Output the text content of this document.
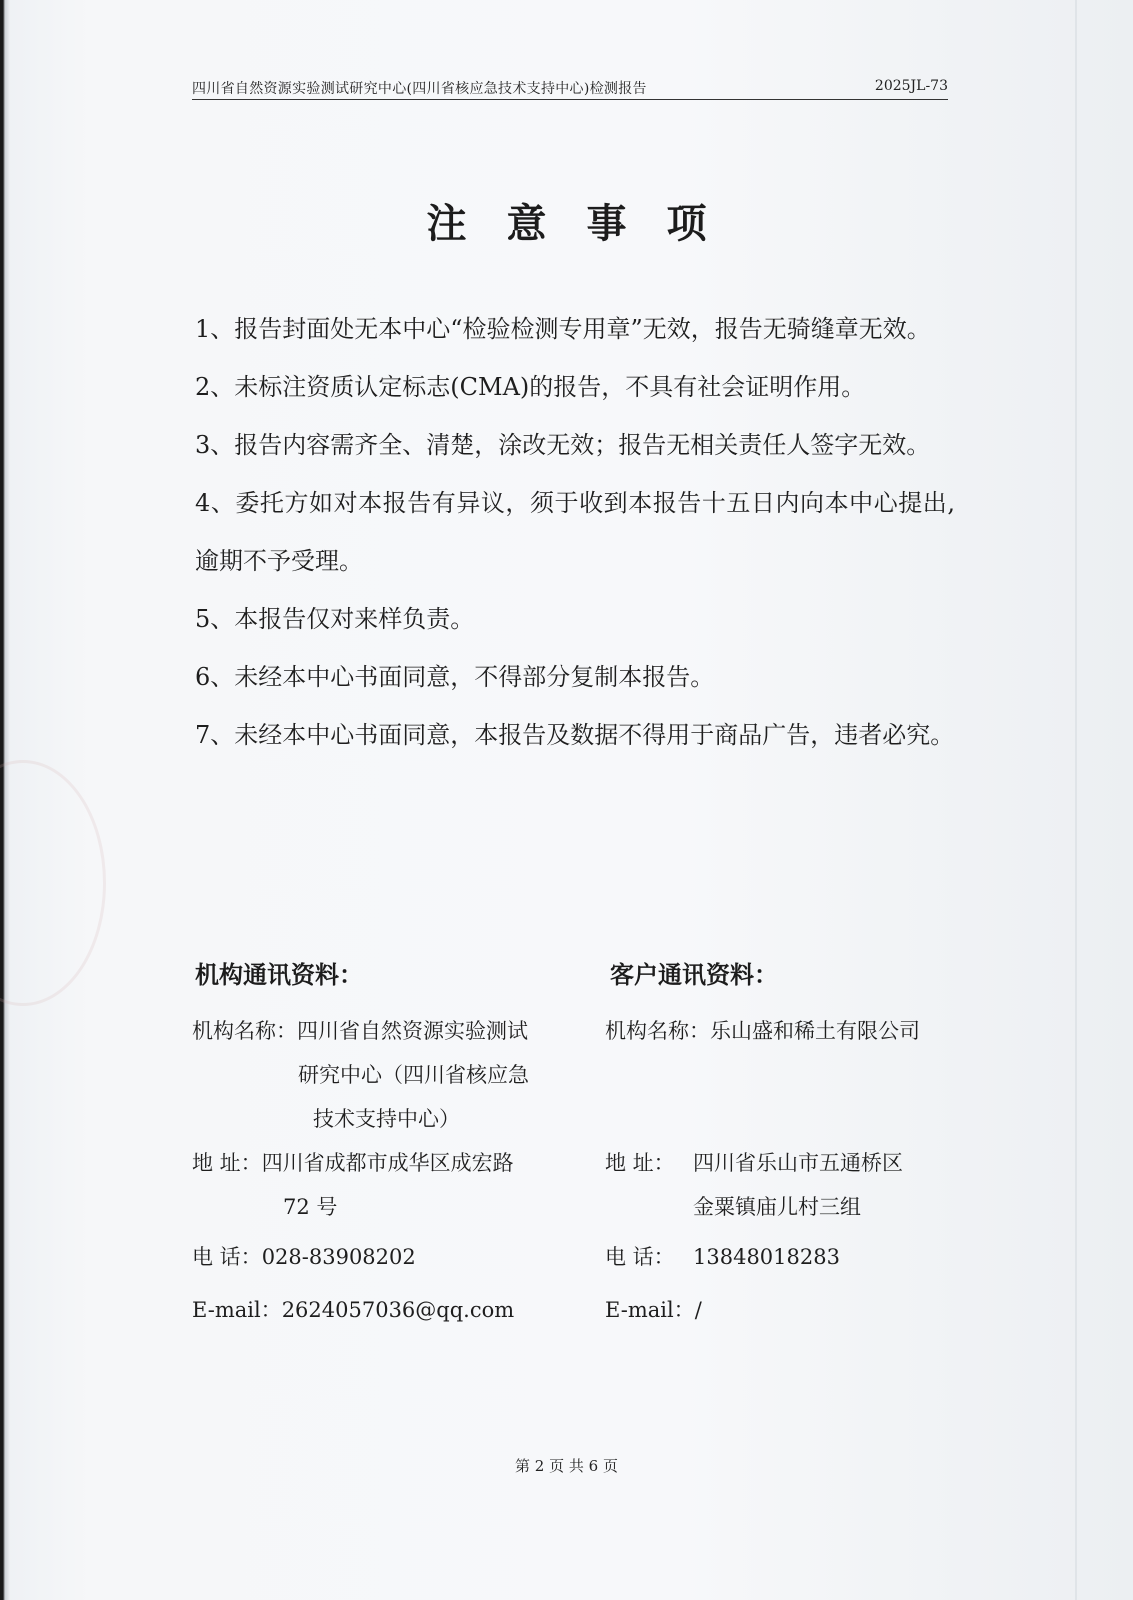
四川省自然资源实验测试研究中心(四川省核应急技术支持中心)检测报告	2025JL-73
注意事项

1、报告封面处无本中心“检验检测专用章”无效，报告无骑缝章无效。

2、未标注资质认定标志(CMA)的报告，不具有社会证明作用。

3、报告内容需齐全、清楚，涂改无效；报告无相关责任人签字无效。

4、委托方如对本报告有异议，须于收到本报告十五日内向本中心提出,逾期不予受理。

5、本报告仅对来样负责。

6、未经本中心书面同意，不得部分复制本报告。

7、未经本中心书面同意，本报告及数据不得用于商品广告，违者必究。

机构通讯资料：	客户通讯资料：
机构名称：四川省自然资源实验测试
研究中心（四川省核应急
技术支持中心）
地 址：四川省成都市成华区成宏路
72 号
电 话：028-83908202
E-mail：2624057036@qq.com
机构名称：乐山盛和稀土有限公司
地 址： 四川省乐山市五通桥区
金粟镇庙儿村三组
电 话： 13848018283
E-mail：/
第 2 页 共 6 页
